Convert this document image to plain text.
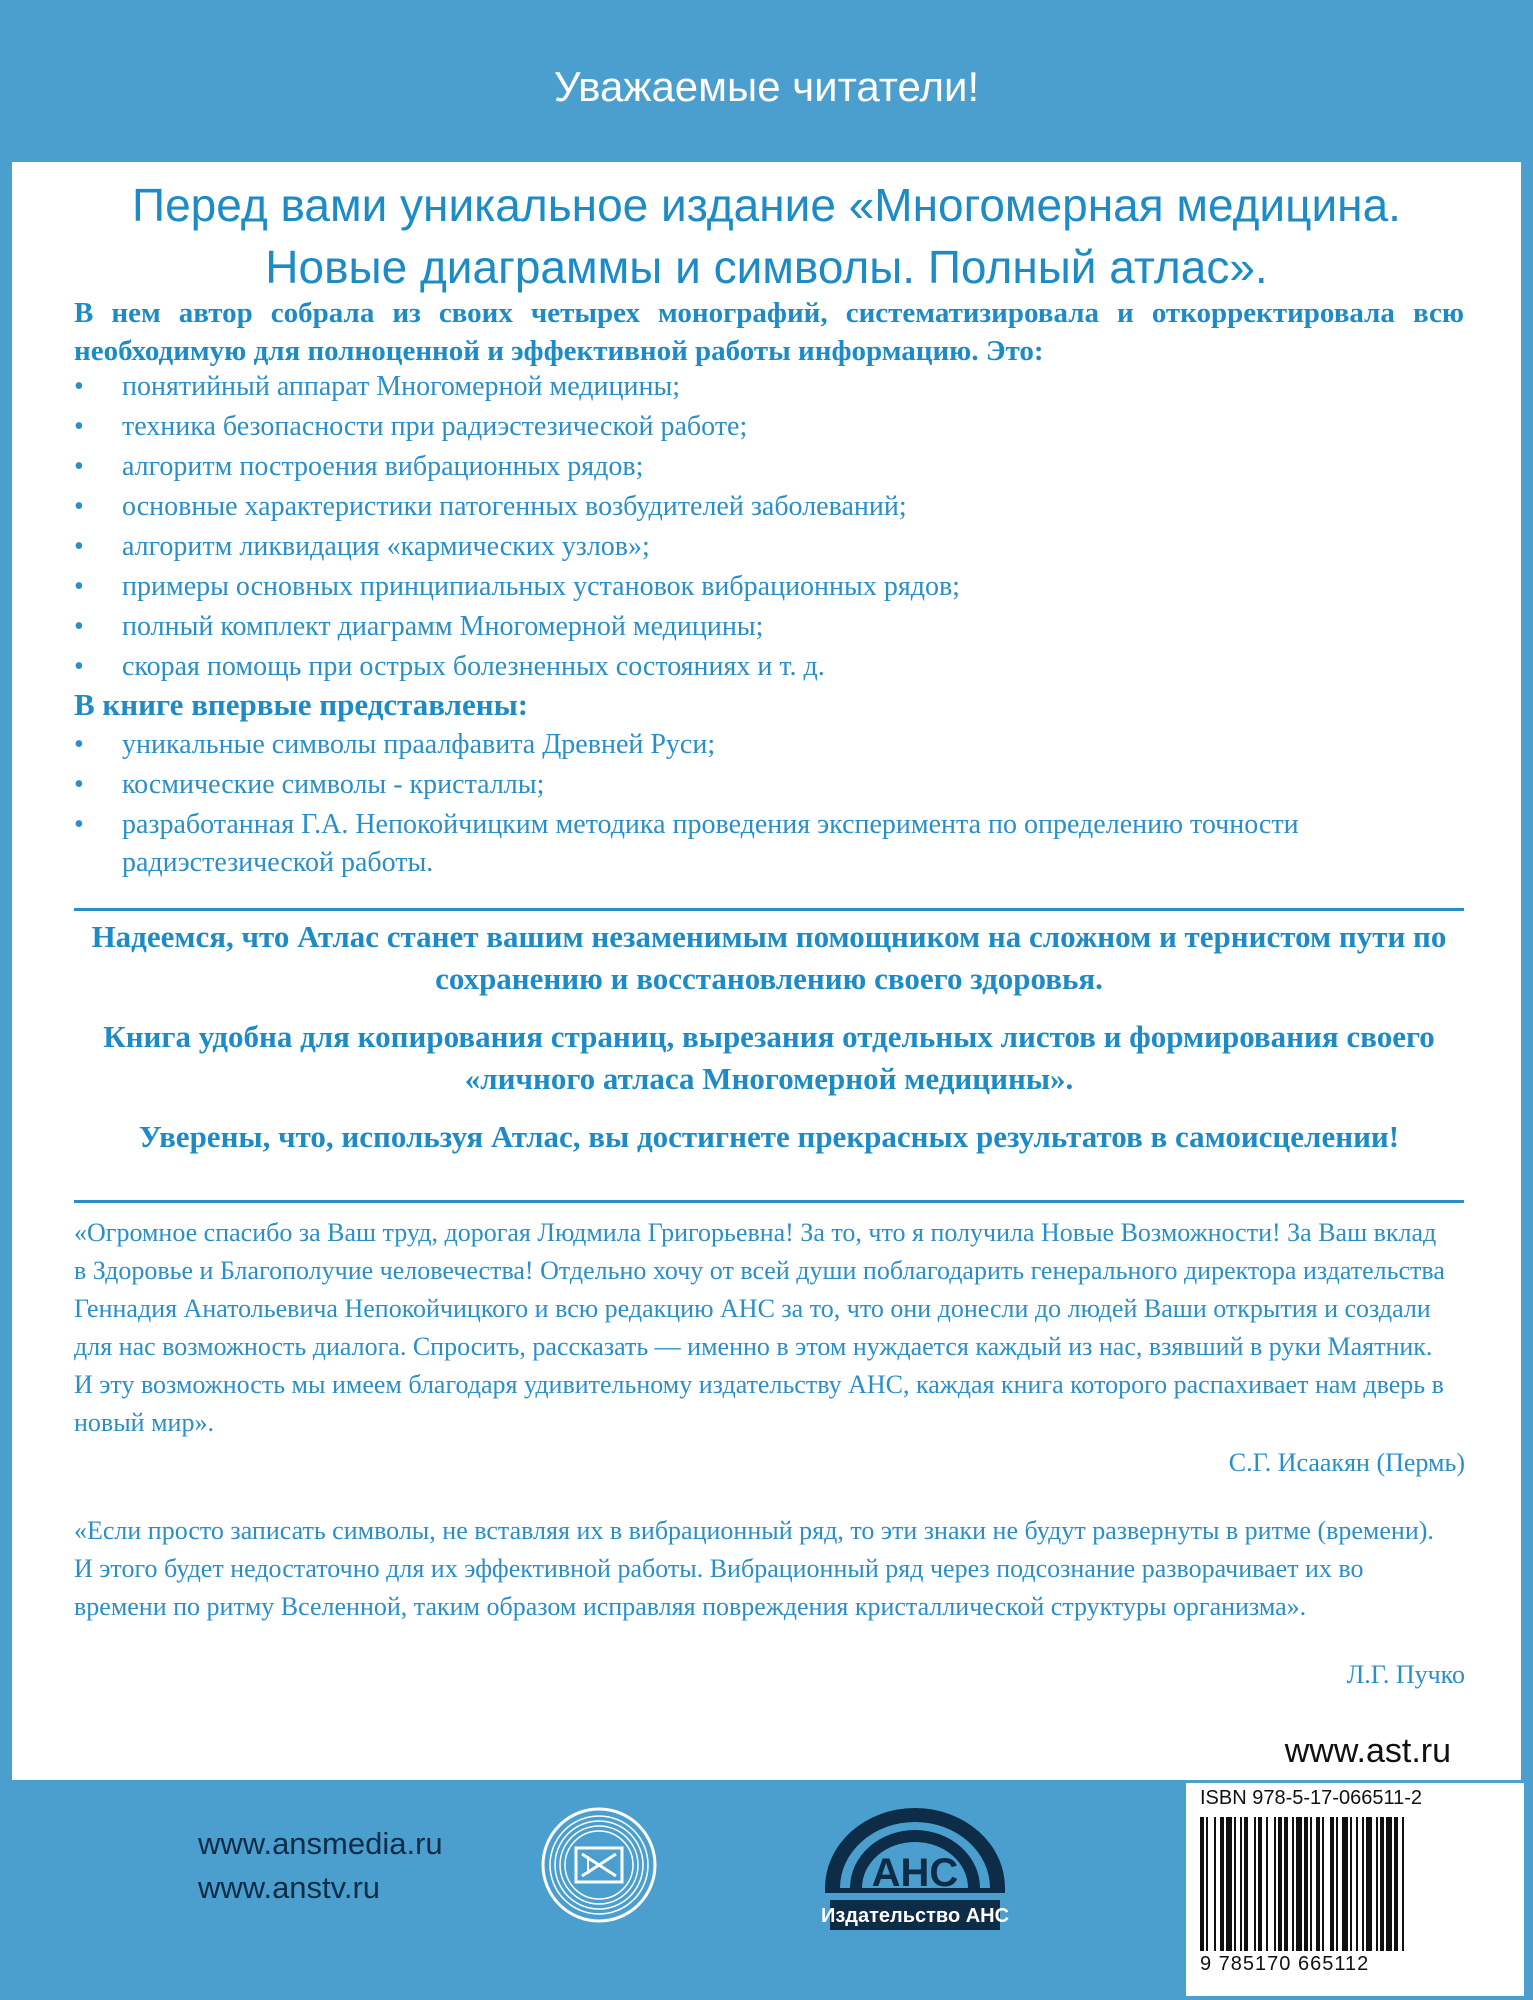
Уважаемые читатели!
Перед вами уникальное издание «Многомерная медицина.
Новые диаграммы и символы. Полный атлас».
В нем автор собрала из своих четырех монографий, систематизировала и откорректировала всю необходимую для полноценной и эффективной работы информацию. Это:
•	понятийный аппарат Многомерной медицины;
•	техника безопасности при радиэстезической работе;
•	алгоритм построения вибрационных рядов;
•	основные характеристики патогенных возбудителей заболеваний;
•	алгоритм ликвидация «кармических узлов»;
•	примеры основных принципиальных установок вибрационных рядов;
•	полный комплект диаграмм Многомерной медицины;
•	скорая помощь при острых болезненных состояниях и т. д.
В книге впервые представлены:
•	уникальные символы праалфавита Древней Руси;
•	космические символы - кристаллы;
•	разработанная Г.А. Непокойчицким методика проведения эксперимента по определению точности радиэстезической работы.
Надеемся, что Атлас станет вашим незаменимым помощником на сложном и тернистом пути по сохранению и восстановлению своего здоровья.
Книга удобна для копирования страниц, вырезания отдельных листов и формирования своего «личного атласа Многомерной медицины».
Уверены, что, используя Атлас, вы достигнете прекрасных результатов в самоисцелении!
«Огромное спасибо за Ваш труд, дорогая Людмила Григорьевна! За то, что я получила Новые Возможности! За Ваш вклад в Здоровье и Благополучие человечества! Отдельно хочу от всей души поблагодарить генерального директора издательства Геннадия Анатольевича Непокойчицкого и всю редакцию АНС за то, что они донесли до людей Ваши открытия и создали для нас возможность диалога. Спросить, рассказать — именно в этом нуждается каждый из нас, взявший в руки Маятник. И эту возможность мы имеем благодаря удивительному издательству АНС, каждая книга которого распахивает нам дверь в новый мир».
С.Г. Исаакян (Пермь)
«Если просто записать символы, не вставляя их в вибрационный ряд, то эти знаки не будут развернуты в ритме (времени). И этого будет недостаточно для их эффективной работы. Вибрационный ряд через подсознание разворачивает их во времени по ритму Вселенной, таким образом исправляя повреждения кристаллической структуры организма».
Л.Г. Пучко
www.ast.ru
www.ansmedia.ru
www.anstv.ru	АНС
Издательство АНС
ISBN 978-5-17-066511-2
9 785170 665112
